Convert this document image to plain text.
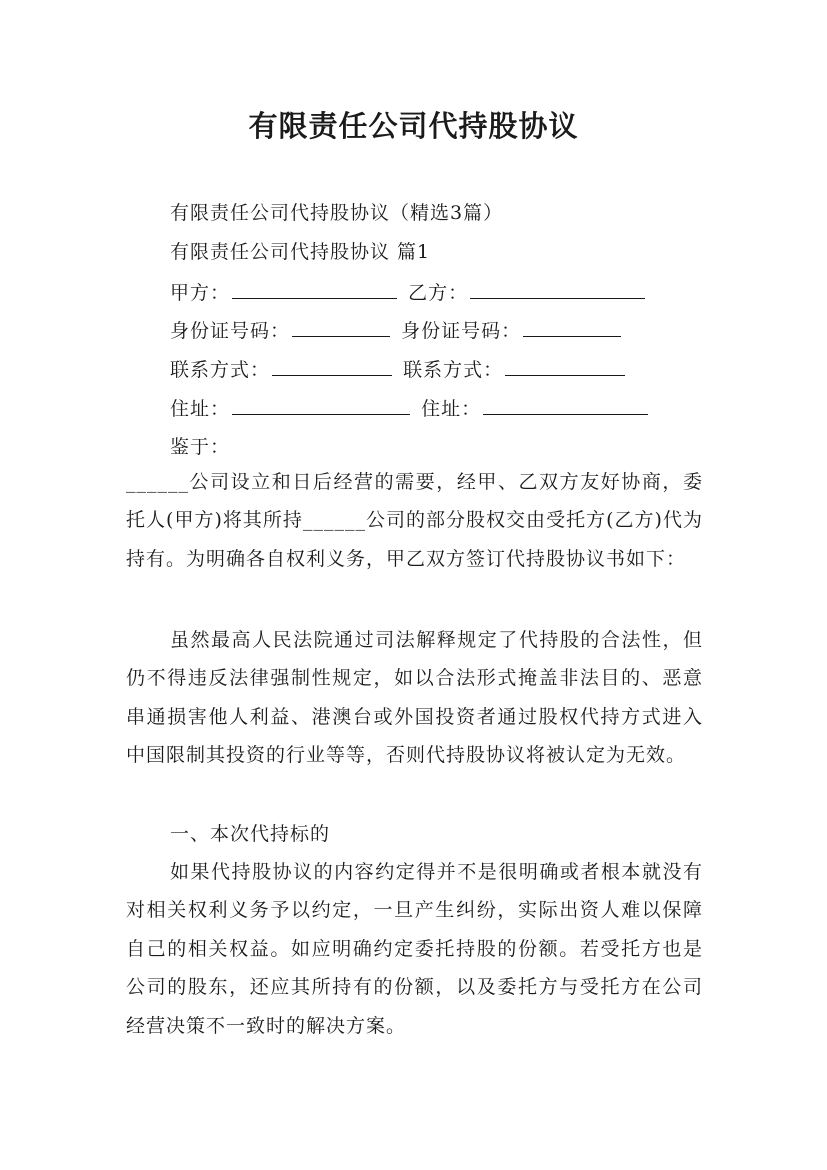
有限责任公司代持股协议
有限责任公司代持股协议（精选3篇）
有限责任公司代持股协议 篇1
甲方：	乙方：
身份证号码：	身份证号码：
联系方式：	联系方式：
住址：	住址：
鉴于：
______公司设立和日后经营的需要，经甲、乙双方友好协商，委托人(甲方)将其所持______公司的部分股权交由受托方(乙方)代为持有。为明确各自权利义务，甲乙双方签订代持股协议书如下：
虽然最高人民法院通过司法解释规定了代持股的合法性，但仍不得违反法律强制性规定，如以合法形式掩盖非法目的、恶意串通损害他人利益、港澳台或外国投资者通过股权代持方式进入中国限制其投资的行业等等，否则代持股协议将被认定为无效。
一、本次代持标的
如果代持股协议的内容约定得并不是很明确或者根本就没有对相关权利义务予以约定，一旦产生纠纷，实际出资人难以保障自己的相关权益。如应明确约定委托持股的份额。若受托方也是公司的股东，还应其所持有的份额，以及委托方与受托方在公司经营决策不一致时的解决方案。
